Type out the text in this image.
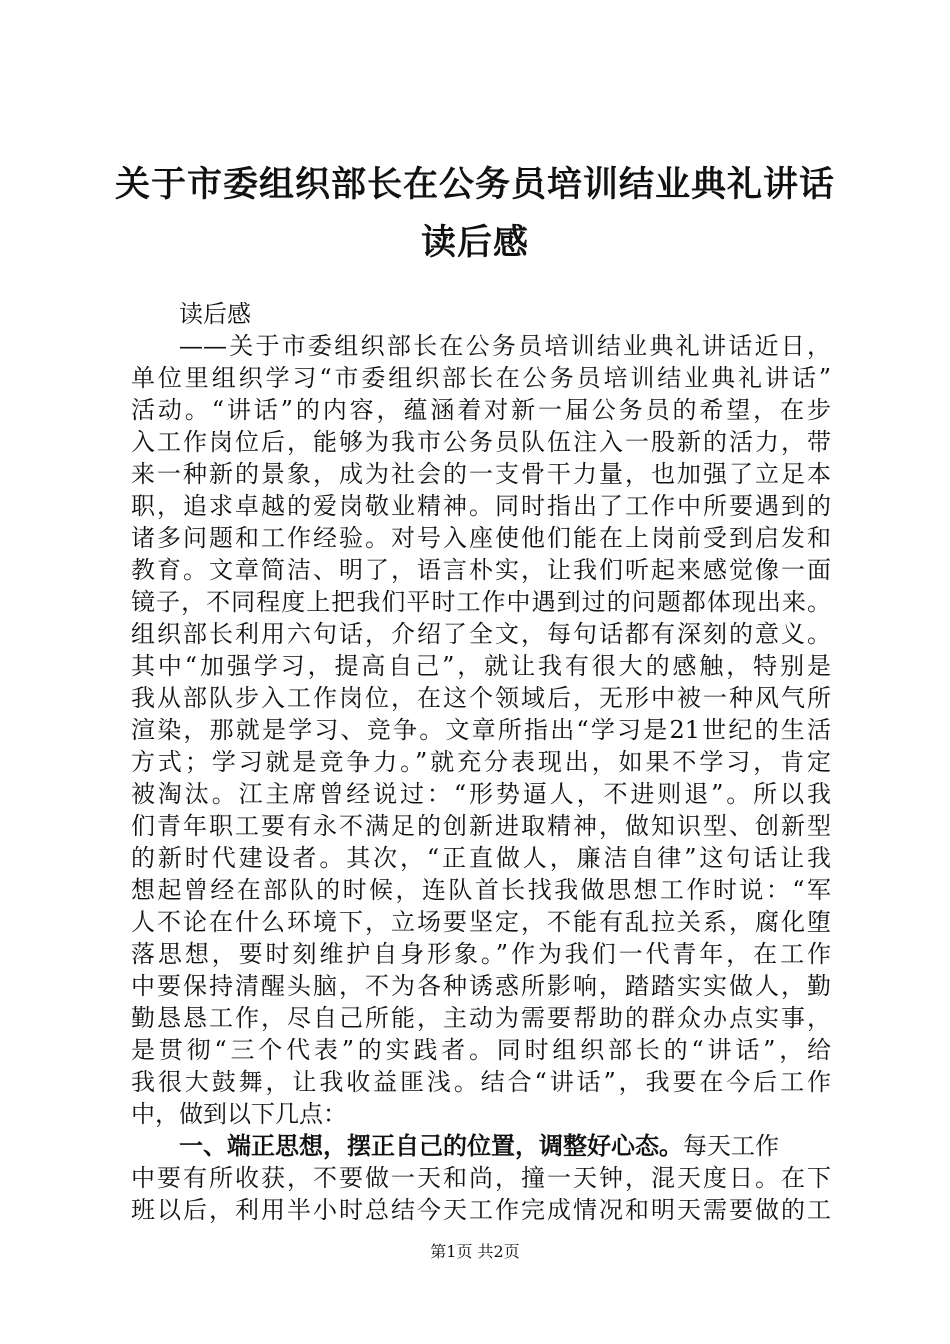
关于市委组织部长在公务员培训结业典礼讲话
读后感
读后感
——关于市委组织部长在公务员培训结业典礼讲话近日，
单位里组织学习“市委组织部长在公务员培训结业典礼讲话”
活动。“讲话”的内容，蕴涵着对新一届公务员的希望，在步
入工作岗位后，能够为我市公务员队伍注入一股新的活力，带
来一种新的景象，成为社会的一支骨干力量，也加强了立足本
职，追求卓越的爱岗敬业精神。同时指出了工作中所要遇到的
诸多问题和工作经验。对号入座使他们能在上岗前受到启发和
教育。文章简洁、明了，语言朴实，让我们听起来感觉像一面
镜子，不同程度上把我们平时工作中遇到过的问题都体现出来。
组织部长利用六句话，介绍了全文，每句话都有深刻的意义。
其中“加强学习，提高自己”，就让我有很大的感触，特别是
我从部队步入工作岗位，在这个领域后，无形中被一种风气所
渲染，那就是学习、竞争。文章所指出“学习是21世纪的生活
方式；学习就是竞争力。”就充分表现出，如果不学习，肯定
被淘汰。江主席曾经说过：“形势逼人，不进则退”。所以我
们青年职工要有永不满足的创新进取精神，做知识型、创新型
的新时代建设者。其次，“正直做人，廉洁自律”这句话让我
想起曾经在部队的时候，连队首长找我做思想工作时说：“军
人不论在什么环境下，立场要坚定，不能有乱拉关系，腐化堕
落思想，要时刻维护自身形象。”作为我们一代青年，在工作
中要保持清醒头脑，不为各种诱惑所影响，踏踏实实做人，勤
勤恳恳工作，尽自己所能，主动为需要帮助的群众办点实事，
是贯彻“三个代表”的实践者。同时组织部长的“讲话”，给
我很大鼓舞，让我收益匪浅。结合“讲话”，我要在今后工作
中，做到以下几点：
一、端正思想，摆正自己的位置，调整好心态。每天工作
中要有所收获，不要做一天和尚，撞一天钟，混天度日。在下
班以后，利用半小时总结今天工作完成情况和明天需要做的工
第1页 共2页
